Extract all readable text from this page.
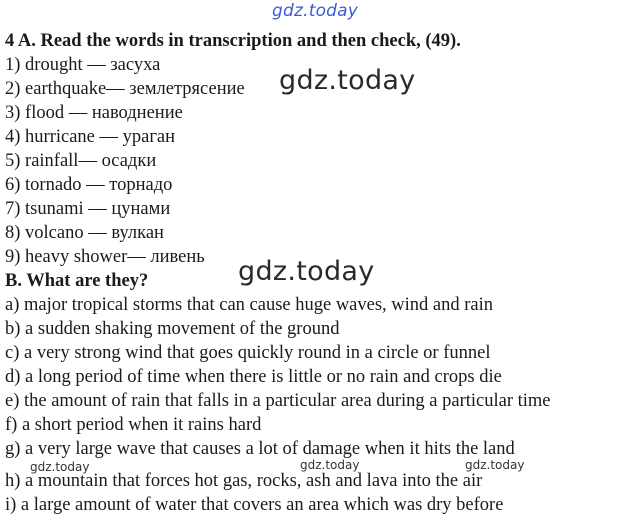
gdz.today
4 A. Read the words in transcription and then check, (49).
1) drought — засуха
2) earthquake— землетрясение
3) flood — наводнение
4) hurricane — ураган
5) rainfall— осадки
6) tornado — торнадо
7) tsunami — цунами
8) volcano — вулкан
9) heavy shower— ливень
B. What are they?
a) major tropical storms that can cause huge waves, wind and rain
b) a sudden shaking movement of the ground
c) a very strong wind that goes quickly round in a circle or funnel
d) a long period of time when there is little or no rain and crops die
e) the amount of rain that falls in a particular area during a particular time
f) a short period when it rains hard
g) a very large wave that causes a lot of damage when it hits the land
h) a mountain that forces hot gas, rocks, ash and lava into the air
i) a large amount of water that covers an area which was dry before
gdz.today
gdz.today
gdz.today	gdz.today	gdz.today
